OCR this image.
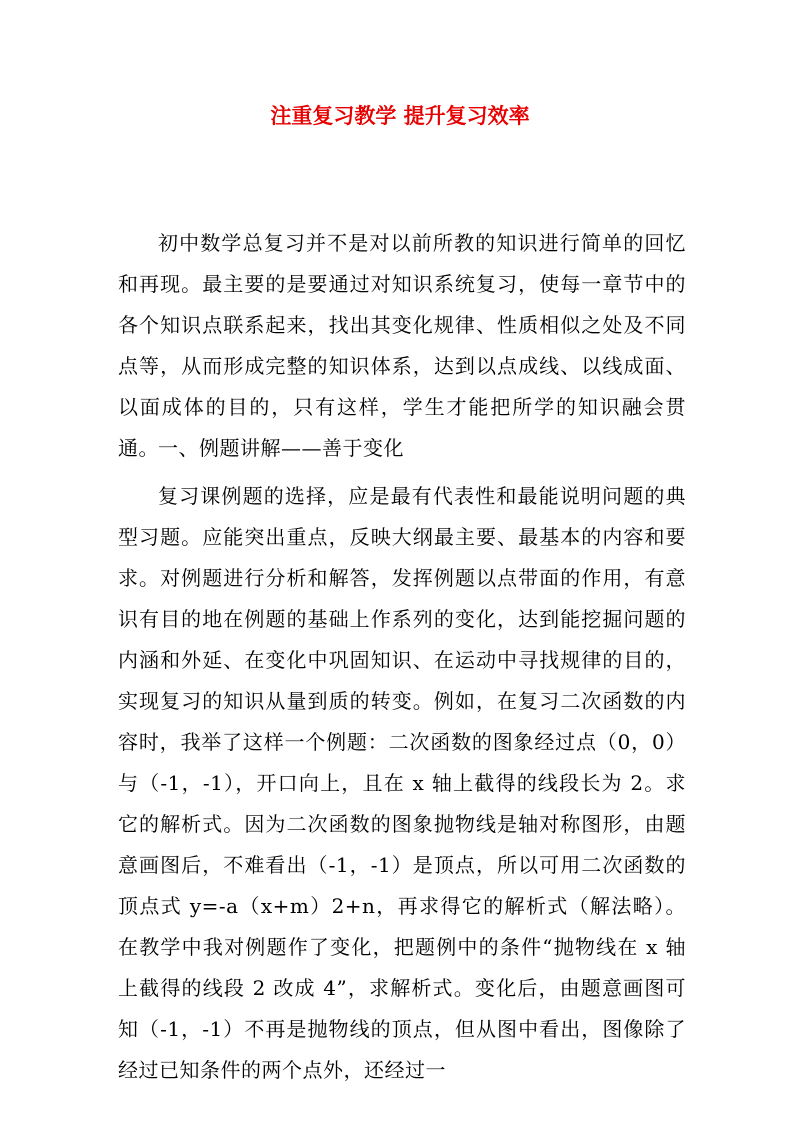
注重复习教学 提升复习效率

初中数学总复习并不是对以前所教的知识进行简单的回忆和再现。最主要的是要通过对知识系统复习，使每一章节中的各个知识点联系起来，找出其变化规律、性质相似之处及不同点等，从而形成完整的知识体系，达到以点成线、以线成面、以面成体的目的，只有这样，学生才能把所学的知识融会贯通。 一、例题讲解——善于变化

复习课例题的选择，应是最有代表性和最能说明问题的典型习题。应能突出重点，反映大纲最主要、最基本的内容和要求。对例题进行分析和解答，发挥例题以点带面的作用，有意识有目的地在例题的基础上作系列的变化，达到能挖掘问题的内涵和外延、在变化中巩固知识、在运动中寻找规律的目的，实现复习的知识从量到质的转变。例如，在复习二次函数的内容时，我举了这样一个例题：二次函数的图象经过点（0，0）与（-1，-1），开口向上，且在 x 轴上截得的线段长为 2。求它的解析式。因为二次函数的图象抛物线是轴对称图形，由题意画图后，不难看出（-1，-1）是顶点，所以可用二次函数的顶点式 y=-a（x+m）2+n，再求得它的解析式（解法略）。在教学中我对例题作了变化，把题例中的条件“抛物线在 x 轴上截得的线段 2 改成 4”，求解析式。变化后，由题意画图可知（-1，-1）不再是抛物线的顶点，但从图中看出，图像除了经过已知条件的两个点外，还经过一
